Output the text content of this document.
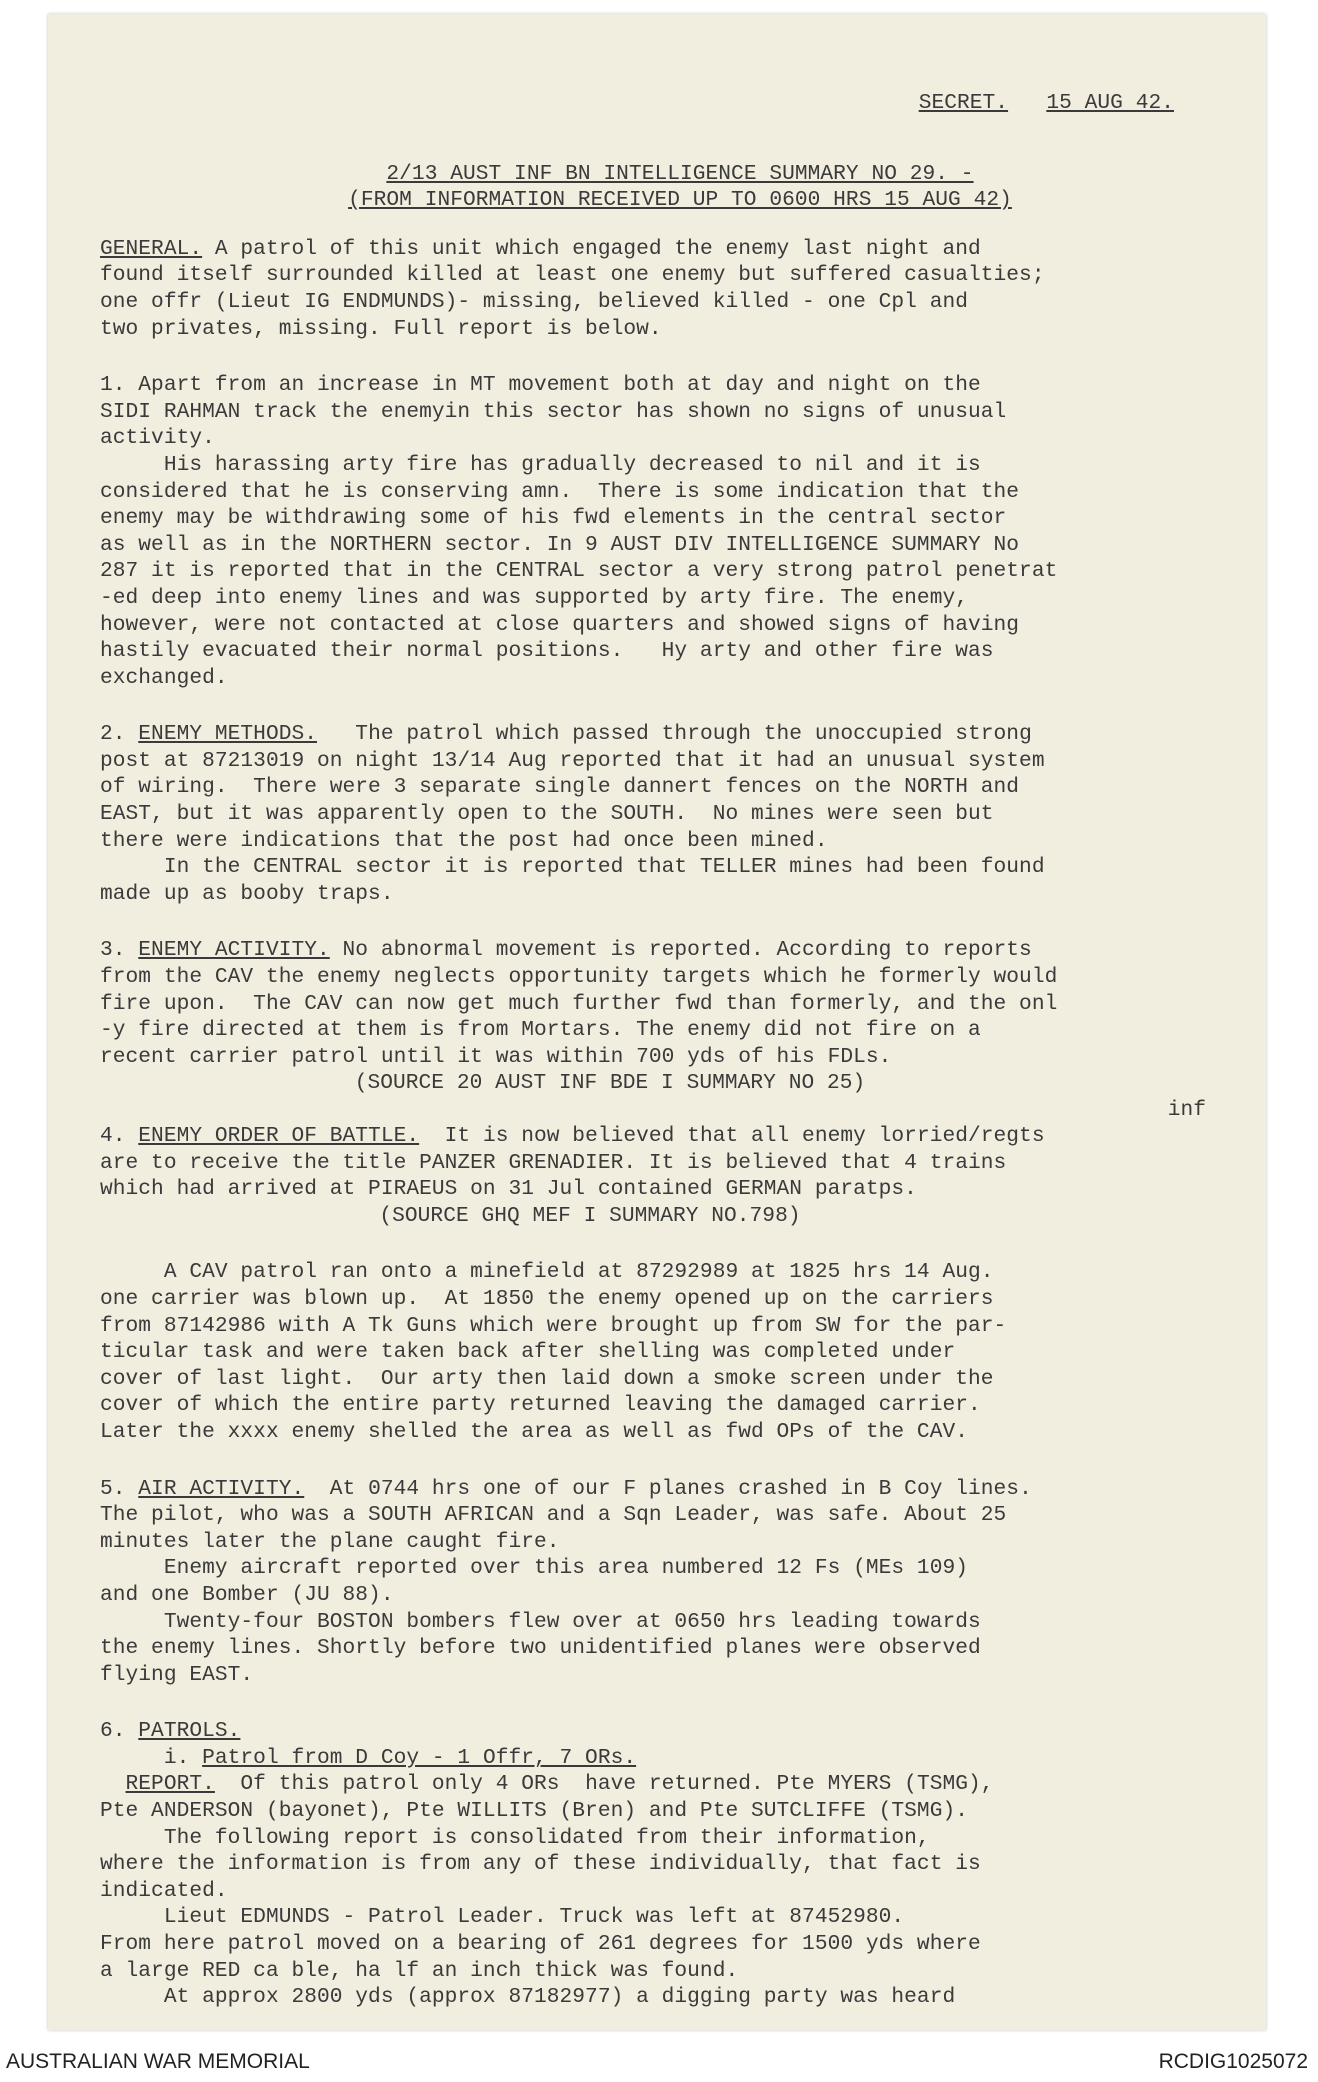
SECRET. 15 AUG 42.

2/13 AUST INF BN INTELLIGENCE SUMMARY NO 29. -

(FROM INFORMATION RECEIVED UP TO 0600 HRS 15 AUG 42)

GENERAL. A patrol of this unit which engaged the enemy last night and

found itself surrounded killed at least one enemy but suffered casualties;

one offr (Lieut IG ENDMUNDS)- missing, believed killed - one Cpl and

two privates, missing. Full report is below.

1. Apart from an increase in MT movement both at day and night on the

SIDI RAHMAN track the enemyin this sector has shown no signs of unusual

activity.

His harassing arty fire has gradually decreased to nil and it is

considered that he is conserving amn.  There is some indication that the

enemy may be withdrawing some of his fwd elements in the central sector

as well as in the NORTHERN sector. In 9 AUST DIV INTELLIGENCE SUMMARY No

287 it is reported that in the CENTRAL sector a very strong patrol penetrat

-ed deep into enemy lines and was supported by arty fire. The enemy,

however, were not contacted at close quarters and showed signs of having

hastily evacuated their normal positions.   Hy arty and other fire was

exchanged.

2. ENEMY METHODS.   The patrol which passed through the unoccupied strong

post at 87213019 on night 13/14 Aug reported that it had an unusual system

of wiring.  There were 3 separate single dannert fences on the NORTH and

EAST, but it was apparently open to the SOUTH.  No mines were seen but

there were indications that the post had once been mined.

In the CENTRAL sector it is reported that TELLER mines had been found

made up as booby traps.

3. ENEMY ACTIVITY. No abnormal movement is reported. According to reports

from the CAV the enemy neglects opportunity targets which he formerly would

fire upon.  The CAV can now get much further fwd than formerly, and the onl

-y fire directed at them is from Mortars. The enemy did not fire on a

recent carrier patrol until it was within 700 yds of his FDLs.

(SOURCE 20 AUST INF BDE I SUMMARY NO 25)

inf

4. ENEMY ORDER OF BATTLE.  It is now believed that all enemy lorried/regts

are to receive the title PANZER GRENADIER. It is believed that 4 trains

which had arrived at PIRAEUS on 31 Jul contained GERMAN paratps.

(SOURCE GHQ MEF I SUMMARY NO.798)

A CAV patrol ran onto a minefield at 87292989 at 1825 hrs 14 Aug.

one carrier was blown up.  At 1850 the enemy opened up on the carriers

from 87142986 with A Tk Guns which were brought up from SW for the par-

ticular task and were taken back after shelling was completed under

cover of last light.  Our arty then laid down a smoke screen under the

cover of which the entire party returned leaving the damaged carrier.

Later the xxxx enemy shelled the area as well as fwd OPs of the CAV.

5. AIR ACTIVITY.  At 0744 hrs one of our F planes crashed in B Coy lines.

The pilot, who was a SOUTH AFRICAN and a Sqn Leader, was safe. About 25

minutes later the plane caught fire.

Enemy aircraft reported over this area numbered 12 Fs (MEs 109)

and one Bomber (JU 88).

Twenty-four BOSTON bombers flew over at 0650 hrs leading towards

the enemy lines. Shortly before two unidentified planes were observed

flying EAST.

6. PATROLS.

i. Patrol from D Coy - 1 Offr, 7 ORs.

REPORT.  Of this patrol only 4 ORs  have returned. Pte MYERS (TSMG),

Pte ANDERSON (bayonet), Pte WILLITS (Bren) and Pte SUTCLIFFE (TSMG).

The following report is consolidated from their information,

where the information is from any of these individually, that fact is

indicated.

Lieut EDMUNDS - Patrol Leader. Truck was left at 87452980.

From here patrol moved on a bearing of 261 degrees for 1500 yds where

a large RED ca ble, ha lf an inch thick was found.

At approx 2800 yds (approx 87182977) a digging party was heard

AUSTRALIAN WAR MEMORIAL	RCDIG1025072
